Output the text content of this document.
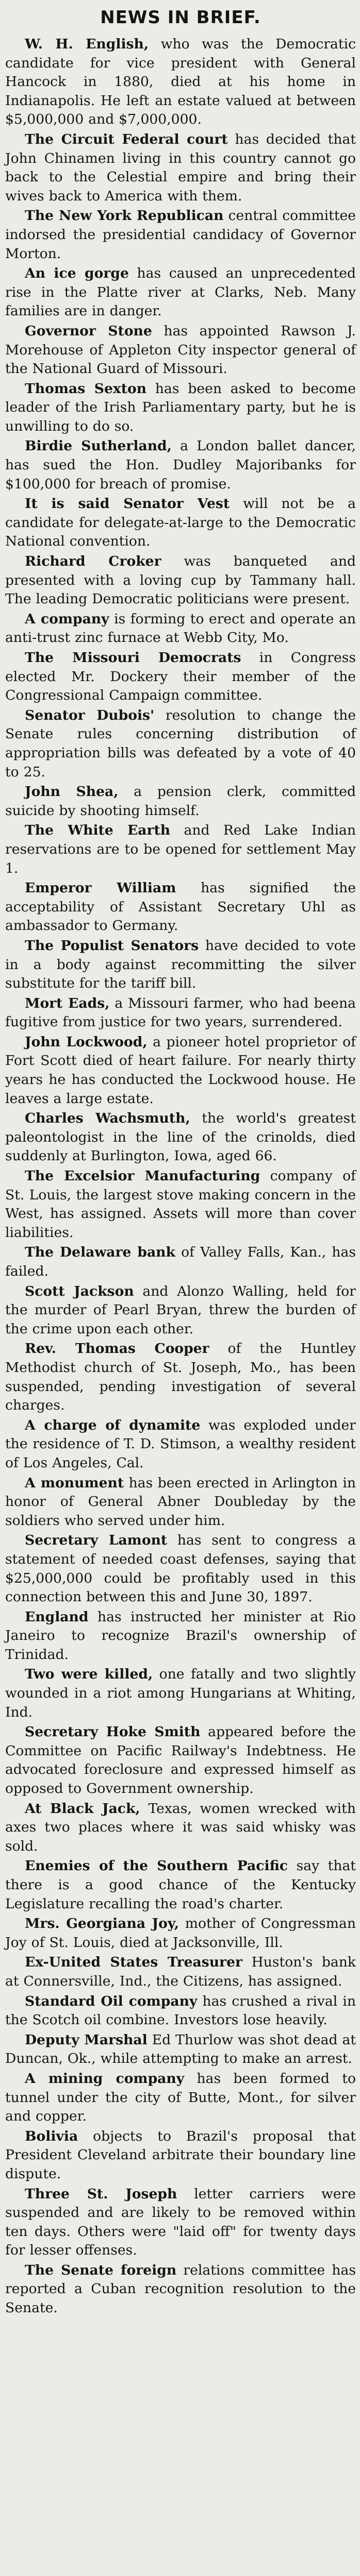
NEWS IN BRIEF.

W. H. English, who was the Democratic candidate for vice president with General Hancock in 1880, died at his home in Indianapolis. He left an estate valued at between $5,000,000 and $7,000,000.

The Circuit Federal court has decided that John Chinamen living in this country cannot go back to the Celestial empire and bring their wives back to America with them.

The New York Republican central committee indorsed the presidential candidacy of Governor Morton.

An ice gorge has caused an unprecedented rise in the Platte river at Clarks, Neb. Many families are in danger.

Governor Stone has appointed Rawson J. Morehouse of Appleton City inspector general of the National Guard of Missouri.

Thomas Sexton has been asked to become leader of the Irish Parliamentary party, but he is unwilling to do so.

Birdie Sutherland, a London ballet dancer, has sued the Hon. Dudley Majoribanks for $100,000 for breach of promise.

It is said Senator Vest will not be a candidate for delegate-at-large to the Democratic National convention.

Richard Croker was banqueted and presented with a loving cup by Tammany hall. The leading Democratic politicians were present.

A company is forming to erect and operate an anti-trust zinc furnace at Webb City, Mo.

The Missouri Democrats in Congress elected Mr. Dockery their member of the Congressional Campaign committee.

Senator Dubois' resolution to change the Senate rules concerning distribution of appropriation bills was defeated by a vote of 40 to 25.

John Shea, a pension clerk, committed suicide by shooting himself.

The White Earth and Red Lake Indian reservations are to be opened for settlement May 1.

Emperor William has signified the acceptability of Assistant Secretary Uhl as ambassador to Germany.

The Populist Senators have decided to vote in a body against recommitting the silver substitute for the tariff bill.

Mort Eads, a Missouri farmer, who had beena fugitive from justice for two years, surrendered.

John Lockwood, a pioneer hotel proprietor of Fort Scott died of heart failure. For nearly thirty years he has conducted the Lockwood house. He leaves a large estate.

Charles Wachsmuth, the world's greatest paleontologist in the line of the crinolds, died suddenly at Burlington, Iowa, aged 66.

The Excelsior Manufacturing company of St. Louis, the largest stove making concern in the West, has assigned. Assets will more than cover liabilities.

The Delaware bank of Valley Falls, Kan., has failed.

Scott Jackson and Alonzo Walling, held for the murder of Pearl Bryan, threw the burden of the crime upon each other.

Rev. Thomas Cooper of the Huntley Methodist church of St. Joseph, Mo., has been suspended, pending investigation of several charges.

A charge of dynamite was exploded under the residence of T. D. Stimson, a wealthy resident of Los Angeles, Cal.

A monument has been erected in Arlington in honor of General Abner Doubleday by the soldiers who served under him.

Secretary Lamont has sent to congress a statement of needed coast defenses, saying that $25,000,000 could be profitably used in this connection between this and June 30, 1897.

England has instructed her minister at Rio Janeiro to recognize Brazil's ownership of Trinidad.

Two were killed, one fatally and two slightly wounded in a riot among Hungarians at Whiting, Ind.

Secretary Hoke Smith appeared before the Committee on Pacific Railway's Indebtness. He advocated foreclosure and expressed himself as opposed to Government ownership.

At Black Jack, Texas, women wrecked with axes two places where it was said whisky was sold.

Enemies of the Southern Pacific say that there is a good chance of the Kentucky Legislature recalling the road's charter.

Mrs. Georgiana Joy, mother of Congressman Joy of St. Louis, died at Jacksonville, Ill.

Ex-United States Treasurer Huston's bank at Connersville, Ind., the Citizens, has assigned.

Standard Oil company has crushed a rival in the Scotch oil combine. Investors lose heavily.

Deputy Marshal Ed Thurlow was shot dead at Duncan, Ok., while attempting to make an arrest.

A mining company has been formed to tunnel under the city of Butte, Mont., for silver and copper.

Bolivia objects to Brazil's proposal that President Cleveland arbitrate their boundary line dispute.

Three St. Joseph letter carriers were suspended and are likely to be removed within ten days. Others were "laid off" for twenty days for lesser offenses.

The Senate foreign relations committee has reported a Cuban recognition resolution to the Senate.
